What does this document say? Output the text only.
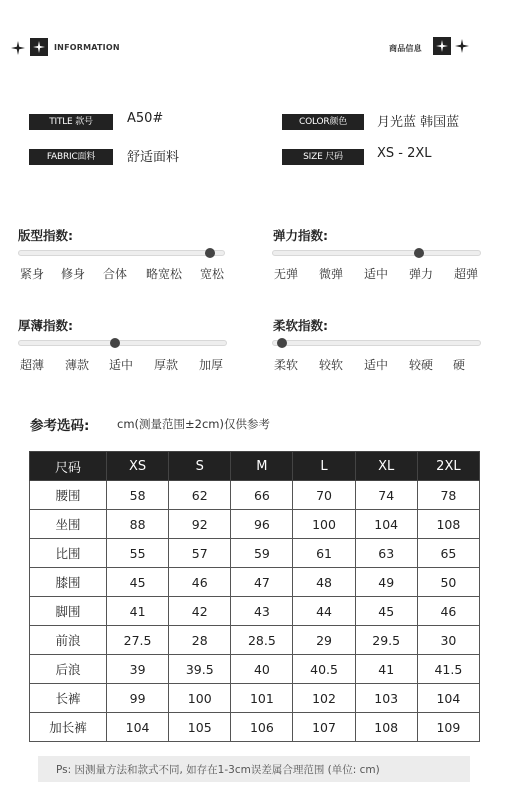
INFORMATION	商品信息
TITLE 款号	A50#
FABRIC面料	舒适面料
COLOR颜色	月光蓝 韩国蓝
SIZE 尺码	XS - 2XL
版型指数:
紧身 修身 合体 略宽松 宽松
弹力指数:
无弹 微弹 适中 弹力 超弹
厚薄指数:
超薄 薄款 适中 厚款 加厚
柔软指数:
柔软 较软 适中 较硬 硬
参考选码: cm(测量范围±2cm)仅供参考
尺码	XS	S	M	L	XL	2XL
腰围	58	62	66	70	74	78
坐围	88	92	96	100	104	108
比围	55	57	59	61	63	65
膝围	45	46	47	48	49	50
脚围	41	42	43	44	45	46
前浪	27.5	28	28.5	29	29.5	30
后浪	39	39.5	40	40.5	41	41.5
长裤	99	100	101	102	103	104
加长裤	104	105	106	107	108	109
Ps: 因测量方法和款式不同, 如存在1-3cm误差属合理范围 (单位: cm)
